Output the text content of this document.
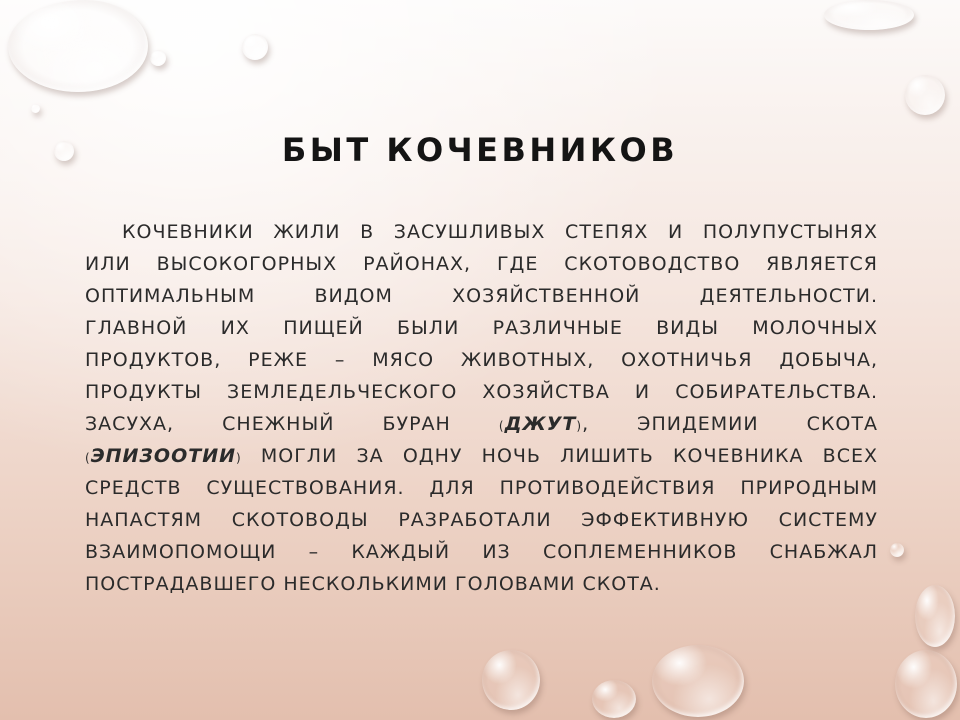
БЫТ КОЧЕВНИКОВ
КОЧЕВНИКИ ЖИЛИ В ЗАСУШЛИВЫХ СТЕПЯХ И ПОЛУПУСТЫНЯХ
ИЛИ ВЫСОКОГОРНЫХ РАЙОНАХ, ГДЕ СКОТОВОДСТВО ЯВЛЯЕТСЯ
ОПТИМАЛЬНЫМ ВИДОМ ХОЗЯЙСТВЕННОЙ ДЕЯТЕЛЬНОСТИ.
ГЛАВНОЙ ИХ ПИЩЕЙ БЫЛИ РАЗЛИЧНЫЕ ВИДЫ МОЛОЧНЫХ
ПРОДУКТОВ, РЕЖЕ – МЯСО ЖИВОТНЫХ, ОХОТНИЧЬЯ ДОБЫЧА,
ПРОДУКТЫ ЗЕМЛЕДЕЛЬЧЕСКОГО ХОЗЯЙСТВА И СОБИРАТЕЛЬСТВА.
ЗАСУХА, СНЕЖНЫЙ БУРАН (ДЖУТ), ЭПИДЕМИИ СКОТА
(ЭПИЗООТИИ) МОГЛИ ЗА ОДНУ НОЧЬ ЛИШИТЬ КОЧЕВНИКА ВСЕХ
СРЕДСТВ СУЩЕСТВОВАНИЯ. ДЛЯ ПРОТИВОДЕЙСТВИЯ ПРИРОДНЫМ
НАПАСТЯМ СКОТОВОДЫ РАЗРАБОТАЛИ ЭФФЕКТИВНУЮ СИСТЕМУ
ВЗАИМОПОМОЩИ – КАЖДЫЙ ИЗ СОПЛЕМЕННИКОВ СНАБЖАЛ
ПОСТРАДАВШЕГО НЕСКОЛЬКИМИ ГОЛОВАМИ СКОТА.
